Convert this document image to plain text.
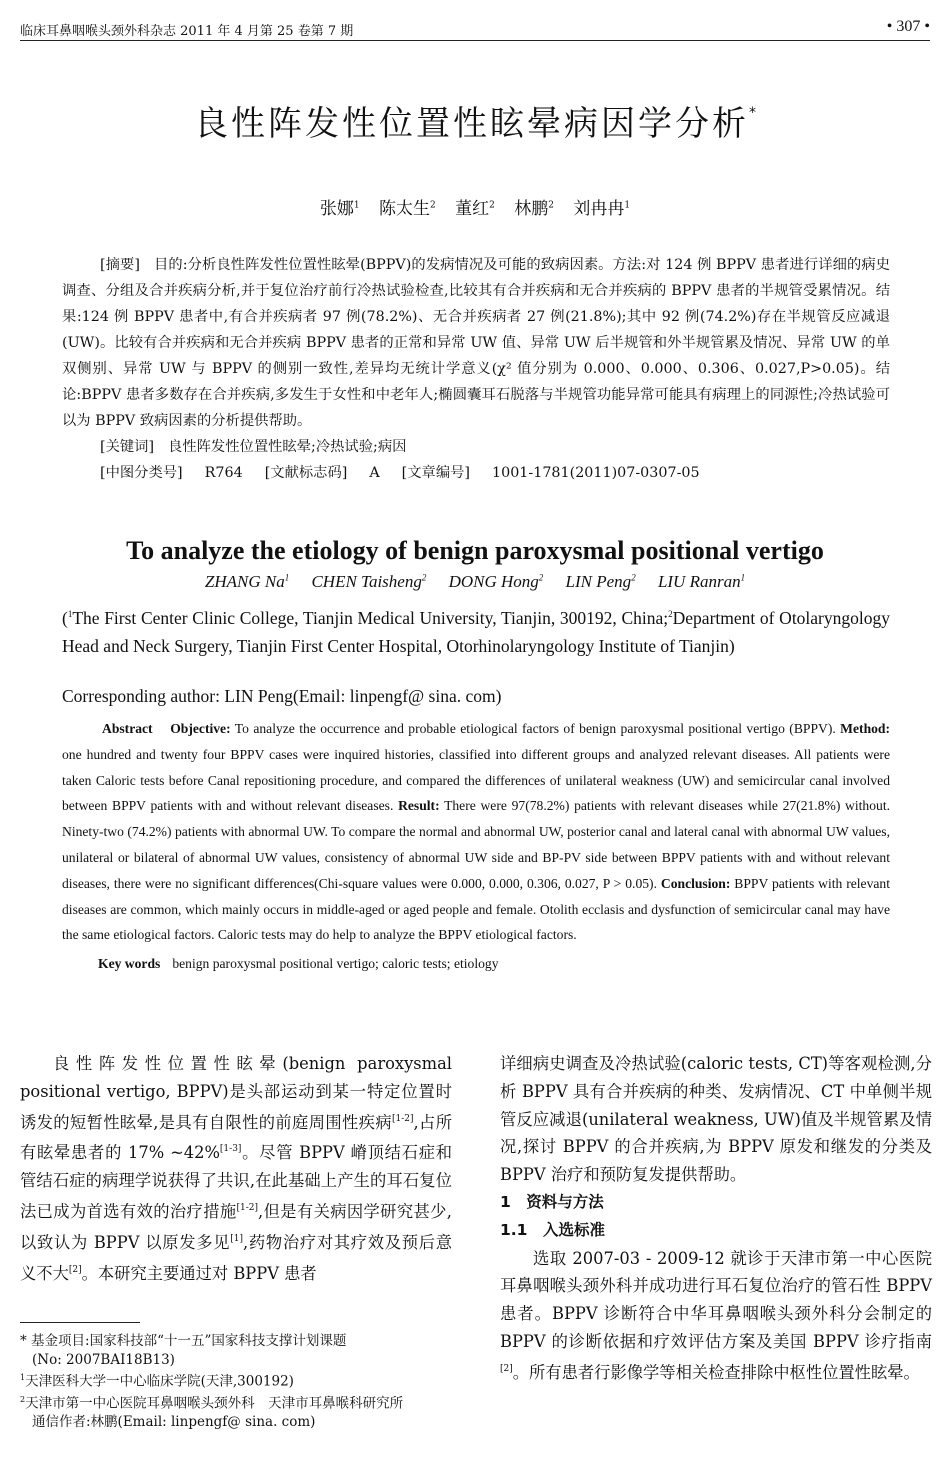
临床耳鼻咽喉头颈外科杂志 2011 年 4 月第 25 卷第 7 期	• 307 •
良性阵发性位置性眩晕病因学分析*
张娜$^1$ 陈太生$^2$ 董红$^2$ 林鹏$^2$ 刘冉冉$^1$

[摘要] 目的:分析良性阵发性位置性眩晕(BPPV)的发病情况及可能的致病因素。方法:对 124 例 BPPV 患者进行详细的病史调查、分组及合并疾病分析,并于复位治疗前行冷热试验检查,比较其有合并疾病和无合并疾病的 BPPV 患者的半规管受累情况。结果:124 例 BPPV 患者中,有合并疾病者 97 例(78.2%)、无合并疾病者 27 例(21.8%);其中 92 例(74.2%)存在半规管反应减退(UW)。比较有合并疾病和无合并疾病 BPPV 患者的正常和异常 UW 值、异常 UW 后半规管和外半规管累及情况、异常 UW 的单双侧别、异常 UW 与 BPPV 的侧别一致性,差异均无统计学意义(χ² 值分别为 0.000、0.000、0.306、0.027,P>0.05)。结论:BPPV 患者多数存在合并疾病,多发生于女性和中老年人;椭圆囊耳石脱落与半规管功能异常可能具有病理上的同源性;冷热试验可以为 BPPV 致病因素的分析提供帮助。

[关键词] 良性阵发性位置性眩晕;冷热试验;病因

[中图分类号] R764 [文献标志码] A [文章编号] 1001-1781(2011)07-0307-05

To analyze the etiology of benign paroxysmal positional vertigo
ZHANG Na$^1$ CHEN Taisheng$^2$ DONG Hong$^2$ LIN Peng$^2$ LIU Ranran$^1$
($^1$The First Center Clinic College, Tianjin Medical University, Tianjin, 300192, China;$^2$Department of Otolaryngology Head and Neck Surgery, Tianjin First Center Hospital, Otorhinolaryngology Institute of Tianjin)
Corresponding author: LIN Peng(Email: linpengf@ sina. com)

Abstract Objective: To analyze the occurrence and probable etiological factors of benign paroxysmal positional vertigo (BPPV). Method: one hundred and twenty four BPPV cases were inquired histories, classified into different groups and analyzed relevant diseases. All patients were taken Caloric tests before Canal repositioning procedure, and compared the differences of unilateral weakness (UW) and semicircular canal involved between BPPV patients with and without relevant diseases. Result: There were 97(78.2%) patients with relevant diseases while 27(21.8%) without. Ninety-two (74.2%) patients with abnormal UW. To compare the normal and abnormal UW, posterior canal and lateral canal with abnormal UW values, unilateral or bilateral of abnormal UW values, consistency of abnormal UW side and BP-PV side between BPPV patients with and without relevant diseases, there were no significant differences(Chi-square values were 0.000, 0.000, 0.306, 0.027, P > 0.05). Conclusion: BPPV patients with relevant diseases are common, which mainly occurs in middle-aged or aged people and female. Otolith ecclasis and dysfunction of semicircular canal may have the same etiological factors. Caloric tests may do help to analyze the BPPV etiological factors.

Key words benign paroxysmal positional vertigo; caloric tests; etiology

良性阵发性位置性眩晕(benign paroxysmal positional vertigo, BPPV)是头部运动到某一特定位置时诱发的短暂性眩晕,是具有自限性的前庭周围性疾病[1-2],占所有眩晕患者的 17% ~42%[1-3]。尽管 BPPV 嵴顶结石症和管结石症的病理学说获得了共识,在此基础上产生的耳石复位法已成为首选有效的治疗措施[1-2],但是有关病因学研究甚少,以致认为 BPPV 以原发多见[1],药物治疗对其疗效及预后意义不大[2]。本研究主要通过对 BPPV 患者

详细病史调查及冷热试验(caloric tests, CT)等客观检测,分析 BPPV 具有合并疾病的种类、发病情况、CT 中单侧半规管反应减退(unilateral weakness, UW)值及半规管累及情况,探讨 BPPV 的合并疾病,为 BPPV 原发和继发的分类及 BPPV 治疗和预防复发提供帮助。

1　资料与方法

1.1　入选标准

选取 2007-03 - 2009-12 就诊于天津市第一中心医院耳鼻咽喉头颈外科并成功进行耳石复位治疗的管石性 BPPV 患者。BPPV 诊断符合中华耳鼻咽喉头颈外科分会制定的 BPPV 的诊断依据和疗效评估方案及美国 BPPV 诊疗指南[2]。所有患者行影像学等相关检查排除中枢性位置性眩晕。

* 基金项目:国家科技部“十一五”国家科技支撑计划课题

(No: 2007BAI18B13)

$^1$天津医科大学一中心临床学院(天津,300192)

$^2$天津市第一中心医院耳鼻咽喉头颈外科　天津市耳鼻喉科研究所

通信作者:林鹏(Email: linpengf@ sina. com)
